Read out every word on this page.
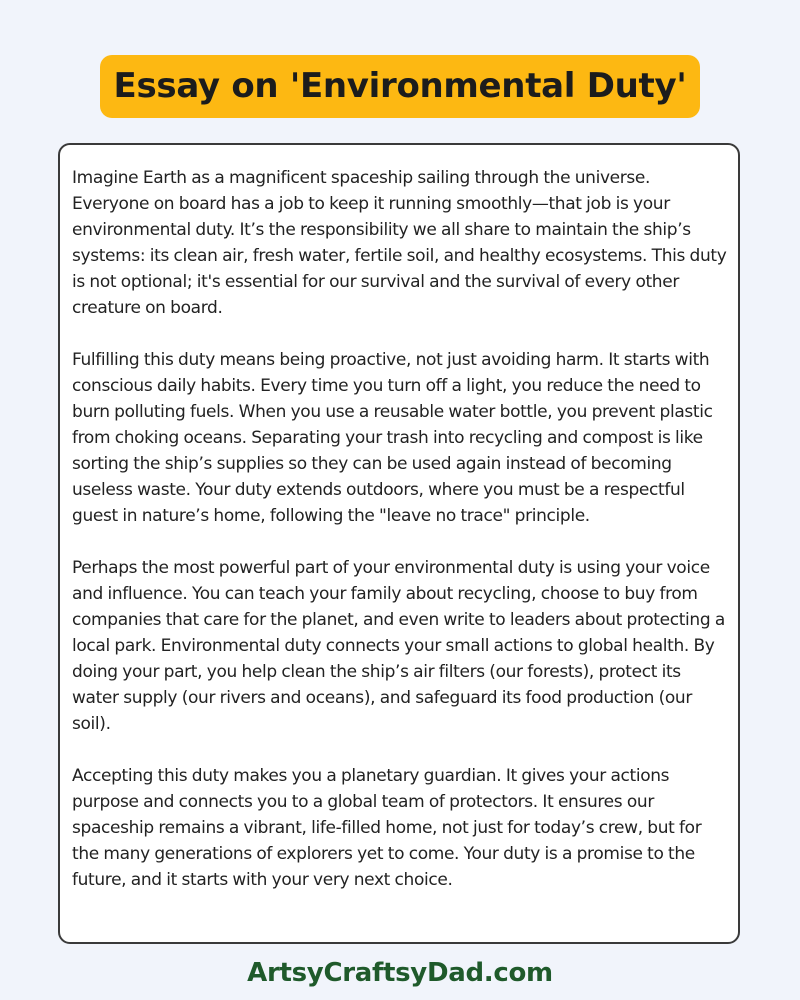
Essay on 'Environmental Duty'

Imagine Earth as a magnificent spaceship sailing through the universe. Everyone on board has a job to keep it running smoothly—that job is your environmental duty. It’s the responsibility we all share to maintain the ship’s systems: its clean air, fresh water, fertile soil, and healthy ecosystems. This duty is not optional; it's essential for our survival and the survival of every other creature on board.

Fulfilling this duty means being proactive, not just avoiding harm. It starts with conscious daily habits. Every time you turn off a light, you reduce the need to burn polluting fuels. When you use a reusable water bottle, you prevent plastic from choking oceans. Separating your trash into recycling and compost is like sorting the ship’s supplies so they can be used again instead of becoming useless waste. Your duty extends outdoors, where you must be a respectful guest in nature’s home, following the "leave no trace" principle.

Perhaps the most powerful part of your environmental duty is using your voice and influence. You can teach your family about recycling, choose to buy from companies that care for the planet, and even write to leaders about protecting a local park. Environmental duty connects your small actions to global health. By doing your part, you help clean the ship’s air filters (our forests), protect its water supply (our rivers and oceans), and safeguard its food production (our soil).

Accepting this duty makes you a planetary guardian. It gives your actions purpose and connects you to a global team of protectors. It ensures our spaceship remains a vibrant, life-filled home, not just for today’s crew, but for the many generations of explorers yet to come. Your duty is a promise to the future, and it starts with your very next choice.

ArtsyCraftsyDad.com
